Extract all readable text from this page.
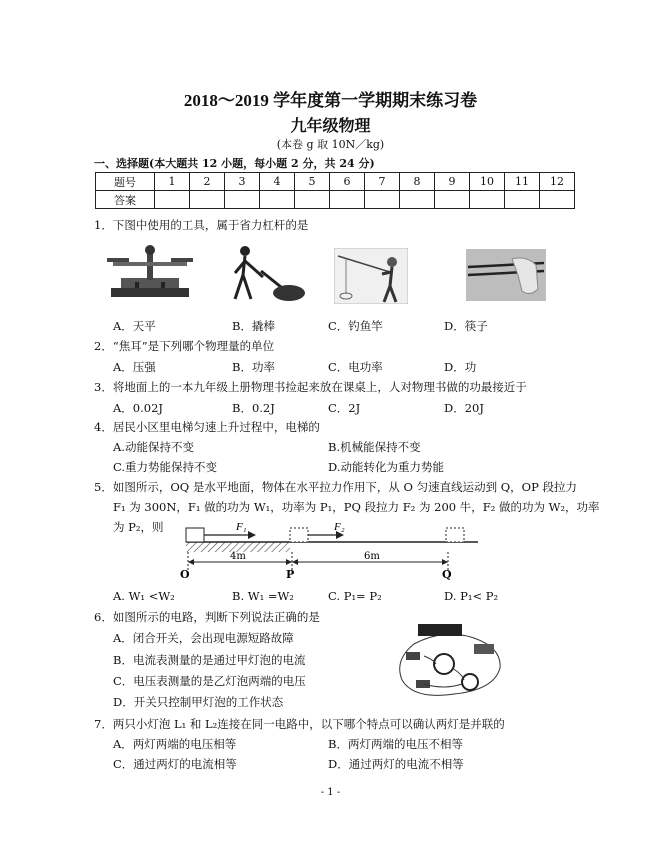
2018～2019 学年度第一学期期末练习卷
九年级物理
(本卷 g 取 10N／kg)
一、选择题(本大题共 12 小题，每小题 2 分，共 24 分)
题号	1	2	3	4	5	6	7	8	9	10	11	12
答案												
1．下图中使用的工具，属于省力杠杆的是
A．天平	B．撬棒	C．钓鱼竿	D．筷子
2．“焦耳”是下列哪个物理量的单位
A．压强	B．功率	C．电功率	D．功
3．将地面上的一本九年级上册物理书捡起来放在课桌上，人对物理书做的功最接近于
A．0.02J	B．0.2J	C．2J	D．20J
4．居民小区里电梯匀速上升过程中，电梯的
A.动能保持不变	B.机械能保持不变
C.重力势能保持不变	D.动能转化为重力势能
5．如图所示，OQ 是水平地面，物体在水平拉力作用下，从 O 匀速直线运动到 Q，OP 段拉力
F₁ 为 300N，F₁ 做的功为 W₁，功率为 P₁，PQ 段拉力 F₂ 为 200 牛，F₂ 做的功为 W₂，功率
为 P₂，则	F₁	F₂
4m	6m
O	P	Q
A. W₁ <W₂	B. W₁ =W₂	C. P₁= P₂	D. P₁< P₂
6．如图所示的电路，判断下列说法正确的是
A．闭合开关，会出现电源短路故障
B．电流表测量的是通过甲灯泡的电流
C．电压表测量的是乙灯泡两端的电压
D．开关只控制甲灯泡的工作状态
7．两只小灯泡 L₁ 和 L₂连接在同一电路中，以下哪个特点可以确认两灯是并联的
A．两灯两端的电压相等	B．两灯两端的电压不相等
C．通过两灯的电流相等	D．通过两灯的电流不相等
- 1 -
